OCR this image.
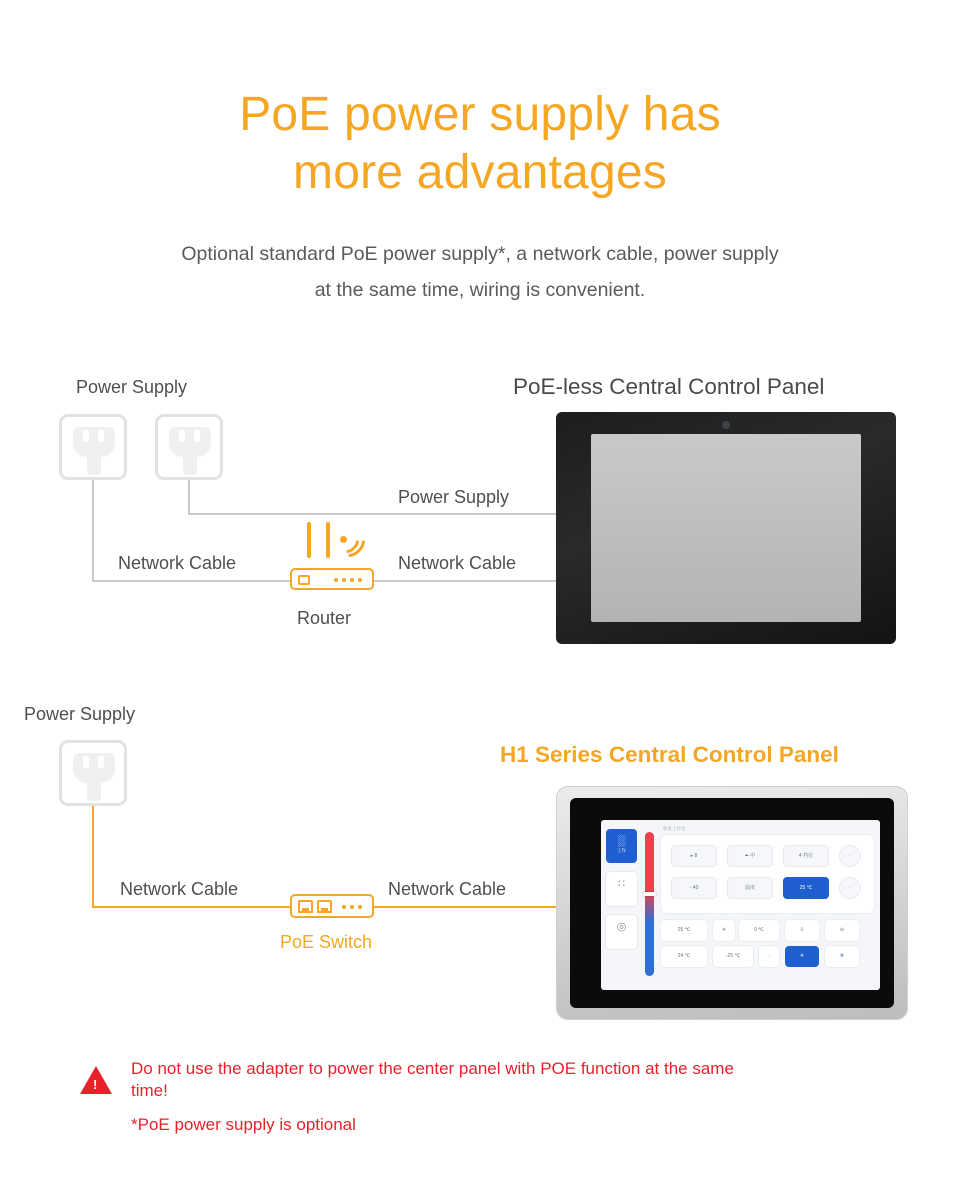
PoE power supply has
more advantages
Optional standard PoE power supply*, a network cable, power supply
at the same time, wiring is convenient.
Power Supply	PoE-less Central Control Panel
Power Supply
Network Cable	Network Cable
Router
Power Supply
H1 Series Central Control Panel
Network Cable	Network Cable
PoE Switch
░
工作
∷
◎
休息工作室
▸ 8	⏶·中	4 档位	·
▫ 40	温度	25 ℃	·
25 ℃	✳	0 ℃	⌾	⊖
24 ℃	-25 ℃	·	☀	❄
!
Do not use the adapter to power the center panel with POE function at the same time!
*PoE power supply is optional
